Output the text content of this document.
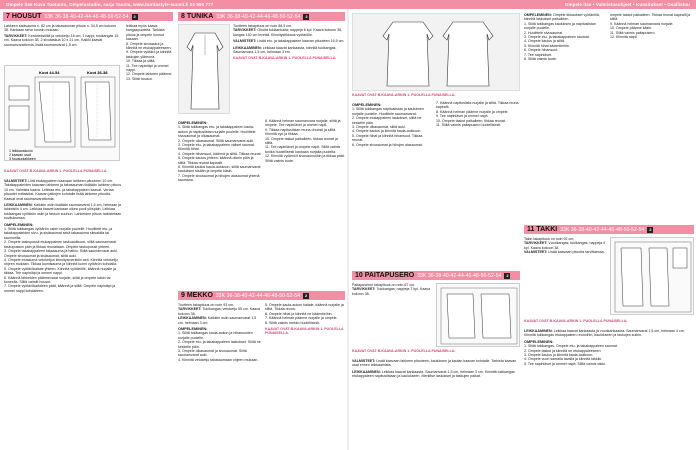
Ompele itse Kuva Tuotanto, Ompelustudio, sarja Tausta, www.burdastyle-suomi.fi 02 550 777	Ompele itse • Valmistusohjeet • Kuositukset • Osallistuu
7 HOUSUT 33K 36-38-40-42-44-46-48-50-52-54	2	8 TUNIKA 33K 36-38-40-42-44-46-48-50-52-54	2
Lahkeen sisäsauma n. 82 cm ja takasauman pituus n. 34,5 cm kokoon 38. Kankaan tarve kuosin mukaan.
TARVIKKEET: Kestotekstiiliä ja vetoketju 18 cm; 1 nappi; tukikangas 15 cm. Kaava kokoon 38, 2 sivutaskua 10 x 21 cm. Kaikki kaavat saumanvarattomia, lisää saumanvarat 1,5 cm.
Koot 44-54	Koot 36-38
1 leikkauskuvio
2 kaavan osat
3 housunlahkeen
KAAVAT OVAT B-KAAVA-ARKIN 1. PUOLELLA PUNAISELLA.
VALMISTEET: Liitä etukappaleen kaavaan lahkeen pituuteen 10 cm. Takakappaleiden kaavaan lahkeen ja takasauman lisätään lahkeen pituus 10 cm. Valmista kaava. Leikkaa etu- ja takakappaleen kaavat. Vertaa pituudet mittaisiksi. Kaavan jatkojen kohdalle lisää lahkeen pituutta. Kaavat ovat saumanvarattomia.
LEIKKAAMINEN: Kaikkiin osiin lisätään saumanvarat 1,5 cm, helmaan ja lahkeisiin 4 cm. Leikkaa kaavat kankaan oikea puoli ylöspäin. Leikkaa tukikangas vyötärön osiin ja taskun suuhun. Lahkeiden pituus tarkistetaan sovituksessa.
OMPELEMINEN:
1. Silitä tukikangas vyötärön osien nurjalle puolelle. Huolittele etu- ja takakappaleiden sivu- ja sisäsaumat sekä takasauma siksakilla tai saumurilla.
2. Ompele taskupussit etukappaleen taskuaukkoon, silitä saumanvarat taskupussiin päin ja tikkaa reunaltaan. Ompele taskupussit yhteen.
3. Ompele takakappaleen takasauma ja halkio. Silitä saumanvarat auki. Ompele sivusaumat ja sisäsaumat, silitä auki.
4. Ompele etusauma vetoketjun kiinnitysmerkkiin asti. Kiinnitä vetoketju ohjeen mukaan. Tikkaa luomisauma ja kiinnitä luomi vyötärön kohdalla.
5. Ompele vyötärökaitale yhteen. Kiinnitä vyötärölle, käännä nurjalle ja tikkaa. Tee napinläpi ja ommel nappi.
6. Käännä lahkeiden päärmevarat nurjalle, silitä ja ompele käsin tai koneella. Silitä valmiit housut.
7. Ompele vyötärökaitaleen päät, käännä ja silitä. Ompele napinläpi ja ommel nappi kohdalleen.
Tuotteen takapituus on noin 88,5 cm.
TARVIKKEET: Ohuita tukikankaita; nappeja 6 kpl. Kaava kokoon 38, kangas 140 cm leveää. Kiinnitystikkaus vyötärölle.
VALMISTEET: Lisää etu- ja takakappaleen kaavan pituuteen 16,5 cm.
LEIKKAAMINEN: Leikkaa kaavat kankaasta, kiinnitä tukikangas. Saumanvara 1,5 cm, helmaan 3 cm.
KAAVAT OVAT B-KAAVA-ARKIN 1. PUOLELLA PUNAISELLA.
OMPELEMINEN:
1. Silitä tukikangas etu- ja takakappaleen kaula-aukon ja napituslistan nurjalle puolelle. Huolittele sivusaumat ja olkasaumat.
2. Ompele olkasaumat. Silitä saumanvarat auki.
3. Ompele etu- ja takakappaleen väliset saumat. Kiinnitä hihat.
4. Ompele hihansuut, käännä ja silitä. Tikkaa reunat.
5. Ompele kaulus yhteen, käännä oikein päin ja silitä. Tikkaa reunat kapealti.
6. Kiinnitä kaulus kaula-aukkoon, silitä saumanvarat kauluksen sisään ja ompele käsin.
7. Ompele sivusaumat ja hihojen alasaumat yhtenä saumana.
8. Käännä helman saumanvara nurjalle, silitä ja ompele. Tee napinlävet ja ommel napit.
9. Tikkaa napituslistan reuna ohuesti ja silitä. Kiinnitä vyö ja tikkaa.
10. Ompele taskut paikalleen, tikkaa reunat ja silitä.
11. Tee napinlävet ja ompele napit. Silitä valmis tunika huolellisesti kankaan nurjalta puolelta.
12. Kiinnitä vyölenkit sivusaumoihin ja tikkaa päät. Silitä valmis tuote.
9 MEKKO 33K 36-38-40-42-44-46-48-50-52-54	2
Tuotteen takapituus on noin 93 cm.
TARVIKKEET: Tukikangas; vetoketju 55 cm. Kaava kokoon 38.
LEIKKAAMINEN: Kaikkiin osiin saumanvarat 1,5 cm, helmaan 3 cm.
OMPELEMINEN:
1. Silitä tukikangas kaula-aukon ja hihansuiden nurjalle puolelle.
2. Ompele etu- ja takakappaleen laskokset. Silitä ne keskelle päin.
3. Ompele olkasaumat ja sivusaumat. Silitä saumanvarat auki.
4. Kiinnitä vetoketju takasaumaan ohjeen mukaan.
5. Ompele kaula-aukon kaitale, käännä nurjalle ja silitä. Tikkaa reuna.
6. Ompele hihat ja kiinnitä ne kädentieihin.
7. Käännä helman päärme nurjalle ja ompele.
8. Silitä valmis mekko huolellisesti.
KAAVAT OVAT B-KAAVA-ARKIN 1. PUOLELLA PUNAISELLA.
leikkaa myös kaava kangaspuolelta. Tarkista pituus ja ompele housut kasaan.
8. Ompele sivutaskut ja kiinnitä ne etukappaleeseen.
9. Ompele vyötärö ja kiinnitä taskujen yläreuna.
10. Tikkaa ja silitä.
11. Tee napinläpi ja ommel nappi.
12. Ompele lahkeen päärme.
13. Silitä housut.
KAAVAT OVAT B-KAAVA-ARKIN 1. PUOLELLA PUNAISELLA.
OMPELEMINEN:
1. Silitä tukikangas napituslistan ja kauluksen nurjalle puolelle. Huolittele saumanvarat.
2. Ompele etukappaleen laskokset, silitä ne keskelle päin.
3. Ompele olkasaumat, silitä auki.
4. Ompele kaulus ja kiinnitä kaula-aukkoon.
5. Ompele hihat ja kiinnitä hihansuut. Tikkaa reunat.
6. Ompele sivusaumat ja hihojen alasaumat.
7. Käännä napituslista nurjalle ja silitä. Tikkaa reuna kapealti.
8. Käännä helman päärme nurjalle ja ompele.
9. Tee napinlävet ja ommel napit.
10. Ompele taskut paikalleen, tikkaa reunat.
11. Silitä valmis paitapusero huolellisesti.
10 PAITAPUSERO 33K 36-38-40-42-44-46-48-50-52-54	2
Paitapuseron takapituus on noin 67 cm.
TARVIKKEET: Tukikangas; nappeja 7 kpl. Kaava kokoon 38.
KAAVAT OVAT B-KAAVA-ARKIN 1. PUOLELLA PUNAISELLA.
VALMISTEET: Lisää kaavaan lahkeen pituuteen, kauluksen ja kaulan kaavan kohdalle. Tarkista kaavan osat ennen leikkaamista.
LEIKKAAMINEN: Leikkaa kaavat kankaasta. Saumanvarat 1,5 cm, helmaan 3 cm. Kiinnitä tukikangas etukappaleen napituslistaan ja kaulukseen. Merkitse laskokset ja taskujen paikat.
OMPELEMINEN: Ompele tikkaukset vyötäröllä, kiinnitä laskokset paikalleen.
1. Silitä tukikangas kauluksen ja napituslistan nurjalle puolelle.
2. Huolittele sivusaumat.
3. Ompele etu- ja takakappaleen saumat.
4. Ompele kaulus ja silitä.
5. Kiinnitä hihat kädentieihin.
6. Ompele hihansuut.
7. Tee napinlävet.
8. Silitä valmis tuote.
ompele taskut paikalleen. Tikkaa reunat kapealti ja silitä.
9. Käännä helman saumanvara nurjalle.
10. Ompele päärme käsin.
11. Silitä valmis paitapusero.
12. Kiinnitä napit.
11 TAKKI 33K 36-38-40-42-44-46-48-50-52-54	2
Takin takapituus on noin 92 cm.
TARVIKKEET: Vuorikangas; tukikangas; nappeja 4 kpl. Kaava kokoon 38.
VALMISTEET: Lisää kaavaan pituutta tarvittaessa.
KAAVAT OVAT B-KAAVA-ARKIN 1. PUOLELLA PUNAISELLA.
LEIKKAAMINEN: Leikkaa kaavat kankaasta ja vuorikankaasta. Saumanvarat 1,5 cm, helmaan 4 cm. Kiinnitä tukikangas etukappaleen reunoihin, kaulukseen ja taskujen suihin.
OMPELEMINEN:
1. Silitä tukikangas. Ompele etu- ja takakappaleen saumat.
2. Ompele taskut ja kiinnitä ne etukappaleeseen.
3. Ompele kaulus ja kiinnitä kaula-aukkoon.
4. Ompele vuori samalla tavalla ja kiinnitä takkiin.
5. Tee napinlävet ja ommel napit. Silitä valmis takki.
